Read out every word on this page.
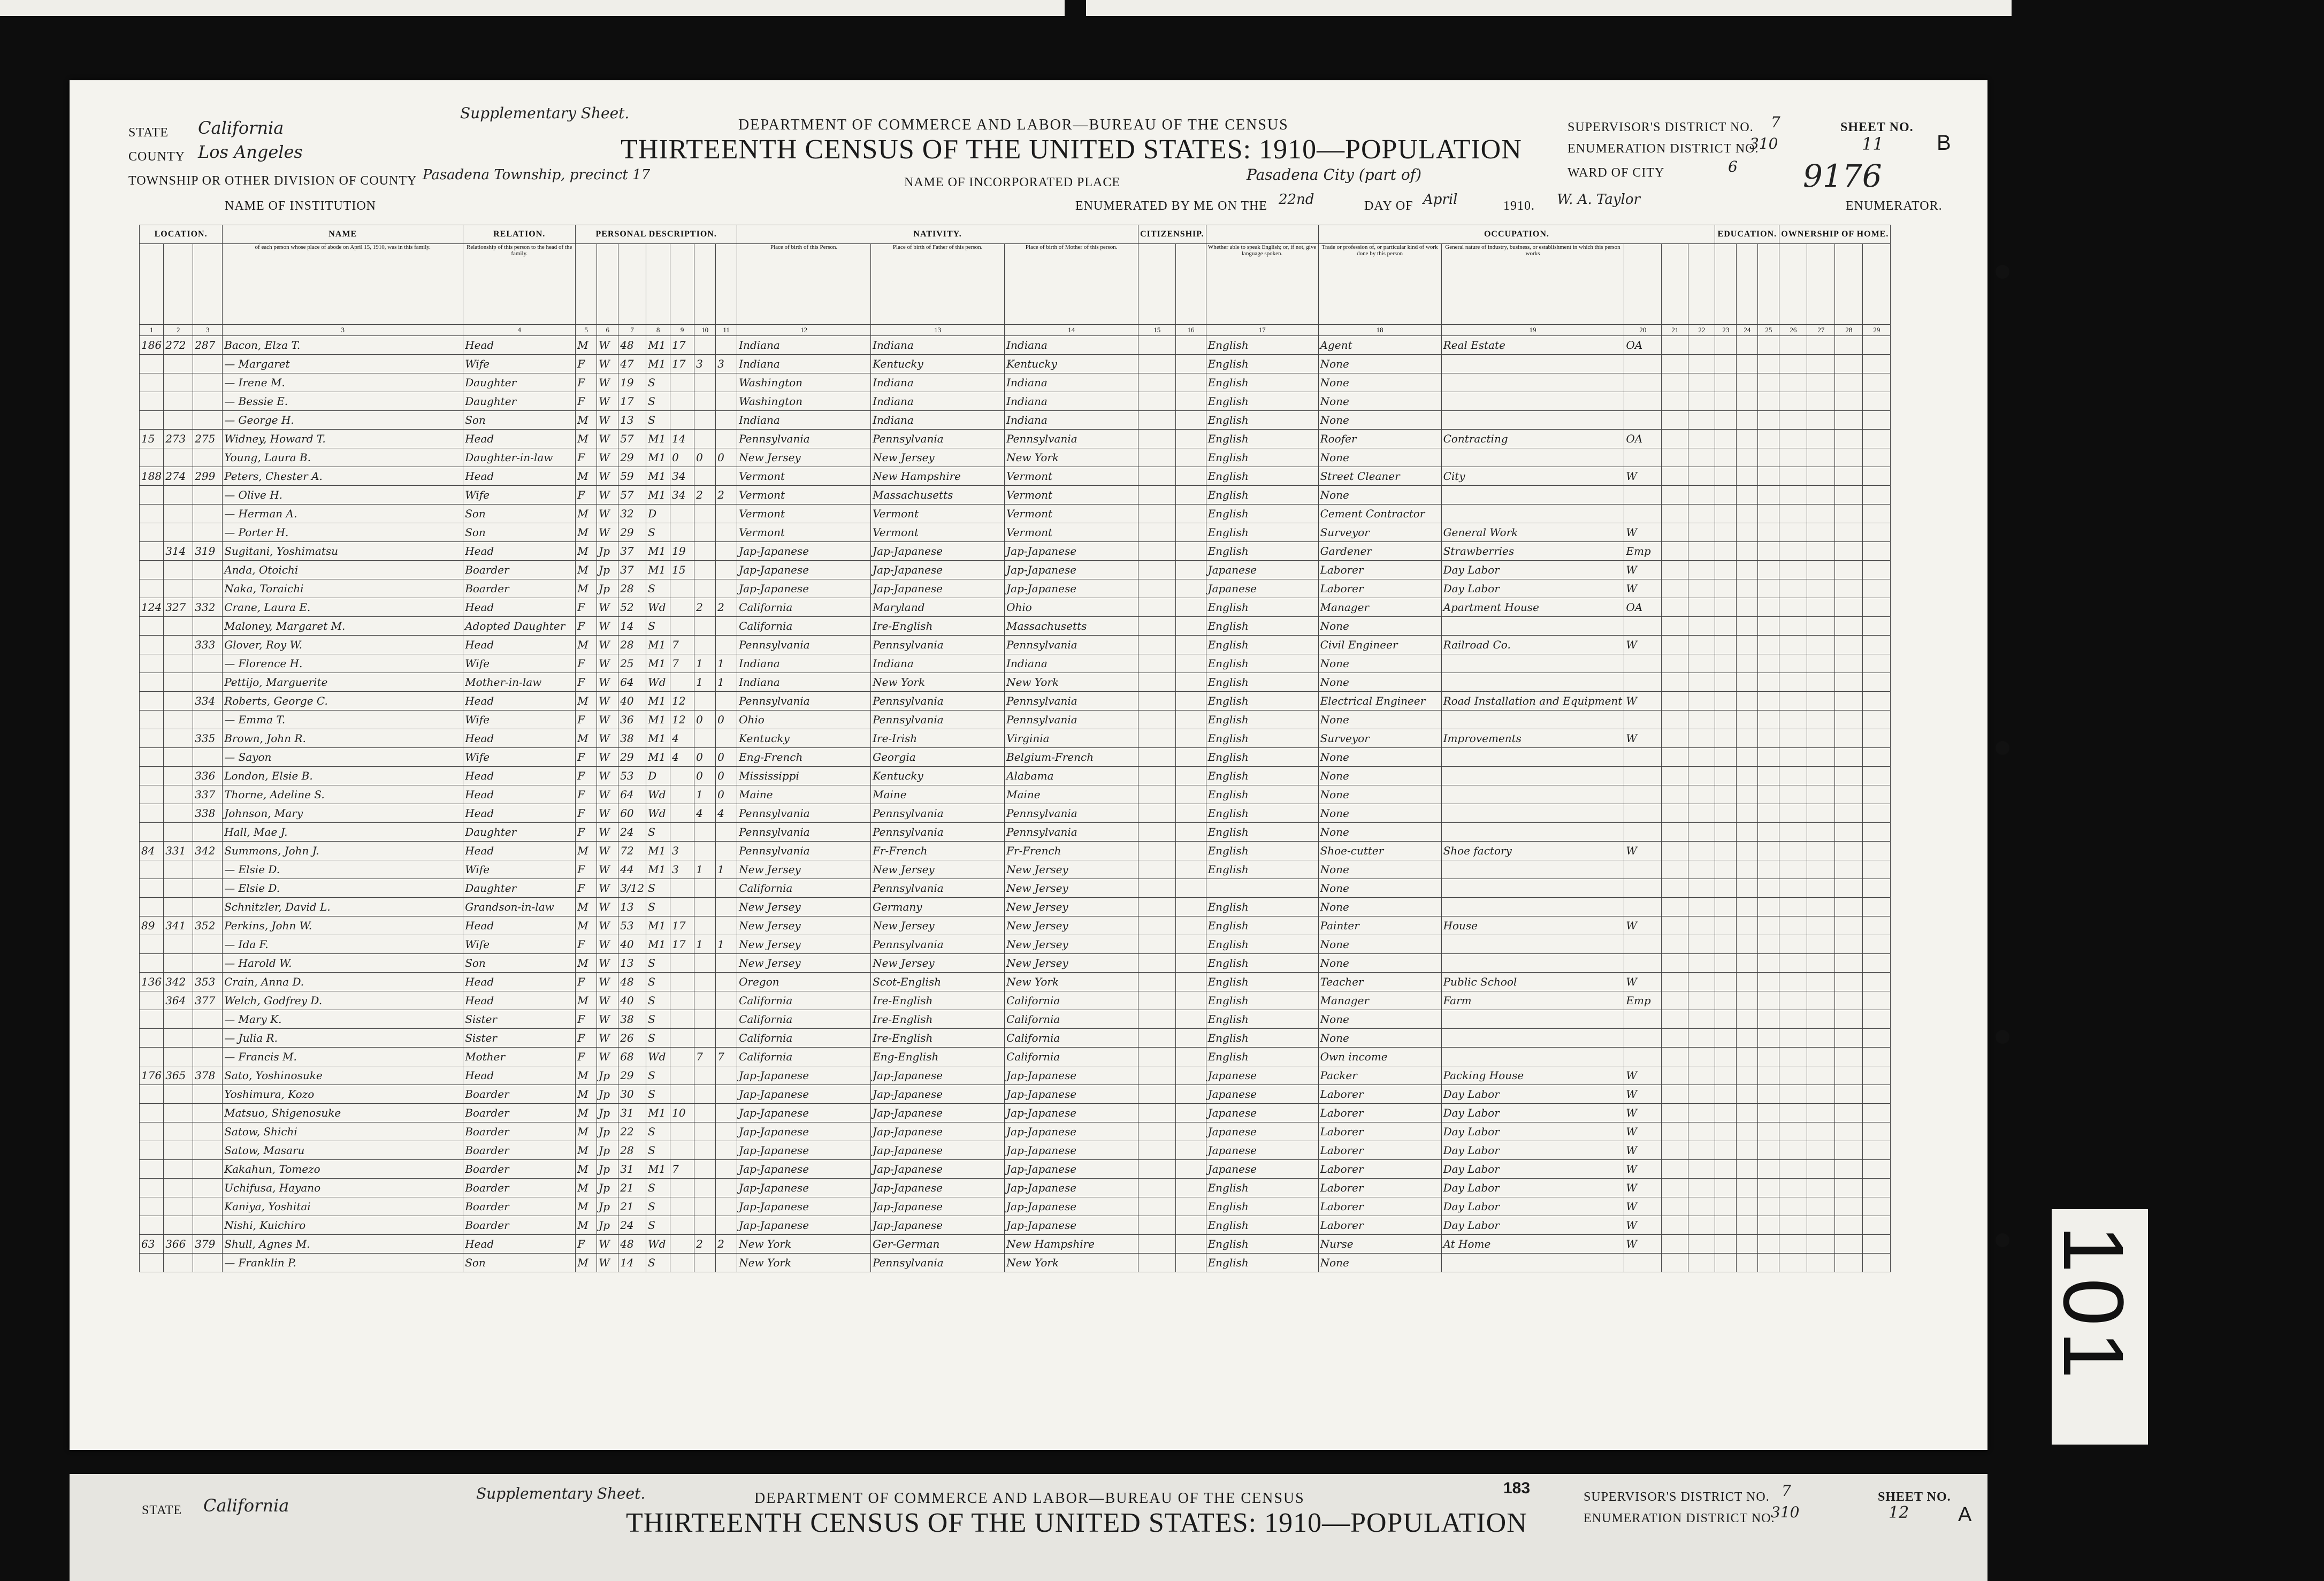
STATE California
COUNTY Los Angeles
TOWNSHIP OR OTHER DIVISION OF COUNTY Pasadena Township, precinct 17
NAME OF INSTITUTION
Supplementary Sheet.
DEPARTMENT OF COMMERCE AND LABOR—BUREAU OF THE CENSUS
THIRTEENTH CENSUS OF THE UNITED STATES: 1910—POPULATION
NAME OF INCORPORATED PLACE	Pasadena City (part of)
ENUMERATED BY ME ON THE 22nd	DAY OF April	1910. W. A. Taylor	ENUMERATOR.
SUPERVISOR'S DISTRICT NO. 7
ENUMERATION DISTRICT NO.
310
SHEET NO.
11 B
WARD OF CITY	6 9176
LOCATION.			NAME	RELATION.	PERSONAL DESCRIPTION.							NATIVITY.			CITIZENSHIP.			OCCUPATION.					EDUCATION.			OWNERSHIP OF HOME.			
			of each person whose place of abode on April 15, 1910, was in this family.	Relationship of this person to the head of the family.								Place of birth of this Person.	Place of birth of Father of this person.	Place of birth of Mother of this person.			Whether able to speak English; or, if not, give language spoken.	Trade or profession of, or particular kind of work done by this person	General nature of industry, business, or establishment in which this person works										
1	2	3	3	4	5	6	7	8	9	10	11	12	13	14	15	16	17	18	19	20	21	22	23	24	25	26	27	28	29
186	272	287	Bacon, Elza T.	Head	M	W	48	M1	17			Indiana	Indiana	Indiana			English	Agent	Real Estate	OA									
			— Margaret	Wife	F	W	47	M1	17	3	3	Indiana	Kentucky	Kentucky			English	None											
			— Irene M.	Daughter	F	W	19	S				Washington	Indiana	Indiana			English	None											
			— Bessie E.	Daughter	F	W	17	S				Washington	Indiana	Indiana			English	None											
			— George H.	Son	M	W	13	S				Indiana	Indiana	Indiana			English	None											
15	273	275	Widney, Howard T.	Head	M	W	57	M1	14			Pennsylvania	Pennsylvania	Pennsylvania			English	Roofer	Contracting	OA									
			Young, Laura B.	Daughter-in-law	F	W	29	M1	0	0	0	New Jersey	New Jersey	New York			English	None											
188	274	299	Peters, Chester A.	Head	M	W	59	M1	34			Vermont	New Hampshire	Vermont			English	Street Cleaner	City	W									
			— Olive H.	Wife	F	W	57	M1	34	2	2	Vermont	Massachusetts	Vermont			English	None											
			— Herman A.	Son	M	W	32	D				Vermont	Vermont	Vermont			English	Cement Contractor											
			— Porter H.	Son	M	W	29	S				Vermont	Vermont	Vermont			English	Surveyor	General Work	W									
	314	319	Sugitani, Yoshimatsu	Head	M	Jp	37	M1	19			Jap-Japanese	Jap-Japanese	Jap-Japanese			English	Gardener	Strawberries	Emp									
			Anda, Otoichi	Boarder	M	Jp	37	M1	15			Jap-Japanese	Jap-Japanese	Jap-Japanese			Japanese	Laborer	Day Labor	W									
			Naka, Toraichi	Boarder	M	Jp	28	S				Jap-Japanese	Jap-Japanese	Jap-Japanese			Japanese	Laborer	Day Labor	W									
124	327	332	Crane, Laura E.	Head	F	W	52	Wd		2	2	California	Maryland	Ohio			English	Manager	Apartment House	OA									
			Maloney, Margaret M.	Adopted Daughter	F	W	14	S				California	Ire-English	Massachusetts			English	None											
		333	Glover, Roy W.	Head	M	W	28	M1	7			Pennsylvania	Pennsylvania	Pennsylvania			English	Civil Engineer	Railroad Co.	W									
			— Florence H.	Wife	F	W	25	M1	7	1	1	Indiana	Indiana	Indiana			English	None											
			Pettijo, Marguerite	Mother-in-law	F	W	64	Wd		1	1	Indiana	New York	New York			English	None											
		334	Roberts, George C.	Head	M	W	40	M1	12			Pennsylvania	Pennsylvania	Pennsylvania			English	Electrical Engineer	Road Installation and Equipment	W									
			— Emma T.	Wife	F	W	36	M1	12	0	0	Ohio	Pennsylvania	Pennsylvania			English	None											
		335	Brown, John R.	Head	M	W	38	M1	4			Kentucky	Ire-Irish	Virginia			English	Surveyor	Improvements	W									
			— Sayon	Wife	F	W	29	M1	4	0	0	Eng-French	Georgia	Belgium-French			English	None											
		336	London, Elsie B.	Head	F	W	53	D		0	0	Mississippi	Kentucky	Alabama			English	None											
		337	Thorne, Adeline S.	Head	F	W	64	Wd		1	0	Maine	Maine	Maine			English	None											
		338	Johnson, Mary	Head	F	W	60	Wd		4	4	Pennsylvania	Pennsylvania	Pennsylvania			English	None											
			Hall, Mae J.	Daughter	F	W	24	S				Pennsylvania	Pennsylvania	Pennsylvania			English	None											
84	331	342	Summons, John J.	Head	M	W	72	M1	3			Pennsylvania	Fr-French	Fr-French			English	Shoe-cutter	Shoe factory	W									
			— Elsie D.	Wife	F	W	44	M1	3	1	1	New Jersey	New Jersey	New Jersey			English	None											
			— Elsie D.	Daughter	F	W	3/12	S				California	Pennsylvania	New Jersey				None											
			Schnitzler, David L.	Grandson-in-law	M	W	13	S				New Jersey	Germany	New Jersey			English	None											
89	341	352	Perkins, John W.	Head	M	W	53	M1	17			New Jersey	New Jersey	New Jersey			English	Painter	House	W									
			— Ida F.	Wife	F	W	40	M1	17	1	1	New Jersey	Pennsylvania	New Jersey			English	None											
			— Harold W.	Son	M	W	13	S				New Jersey	New Jersey	New Jersey			English	None											
136	342	353	Crain, Anna D.	Head	F	W	48	S				Oregon	Scot-English	New York			English	Teacher	Public School	W									
	364	377	Welch, Godfrey D.	Head	M	W	40	S				California	Ire-English	California			English	Manager	Farm	Emp									
			— Mary K.	Sister	F	W	38	S				California	Ire-English	California			English	None											
			— Julia R.	Sister	F	W	26	S				California	Ire-English	California			English	None											
			— Francis M.	Mother	F	W	68	Wd		7	7	California	Eng-English	California			English	Own income											
176	365	378	Sato, Yoshinosuke	Head	M	Jp	29	S				Jap-Japanese	Jap-Japanese	Jap-Japanese			Japanese	Packer	Packing House	W									
			Yoshimura, Kozo	Boarder	M	Jp	30	S				Jap-Japanese	Jap-Japanese	Jap-Japanese			Japanese	Laborer	Day Labor	W									
			Matsuo, Shigenosuke	Boarder	M	Jp	31	M1	10			Jap-Japanese	Jap-Japanese	Jap-Japanese			Japanese	Laborer	Day Labor	W									
			Satow, Shichi	Boarder	M	Jp	22	S				Jap-Japanese	Jap-Japanese	Jap-Japanese			Japanese	Laborer	Day Labor	W									
			Satow, Masaru	Boarder	M	Jp	28	S				Jap-Japanese	Jap-Japanese	Jap-Japanese			Japanese	Laborer	Day Labor	W									
			Kakahun, Tomezo	Boarder	M	Jp	31	M1	7			Jap-Japanese	Jap-Japanese	Jap-Japanese			Japanese	Laborer	Day Labor	W									
			Uchifusa, Hayano	Boarder	M	Jp	21	S				Jap-Japanese	Jap-Japanese	Jap-Japanese			English	Laborer	Day Labor	W									
			Kaniya, Yoshitai	Boarder	M	Jp	21	S				Jap-Japanese	Jap-Japanese	Jap-Japanese			English	Laborer	Day Labor	W									
			Nishi, Kuichiro	Boarder	M	Jp	24	S				Jap-Japanese	Jap-Japanese	Jap-Japanese			English	Laborer	Day Labor	W									
63	366	379	Shull, Agnes M.	Head	F	W	48	Wd		2	2	New York	Ger-German	New Hampshire			English	Nurse	At Home	W									
			— Franklin P.	Son	M	W	14	S				New York	Pennsylvania	New York			English	None												101
STATE California
Supplementary Sheet.	183
DEPARTMENT OF COMMERCE AND LABOR—BUREAU OF THE CENSUS
THIRTEENTH CENSUS OF THE UNITED STATES: 1910—POPULATION
SUPERVISOR'S DISTRICT NO. 7
ENUMERATION DISTRICT NO.
310
SHEET NO.
12 A
